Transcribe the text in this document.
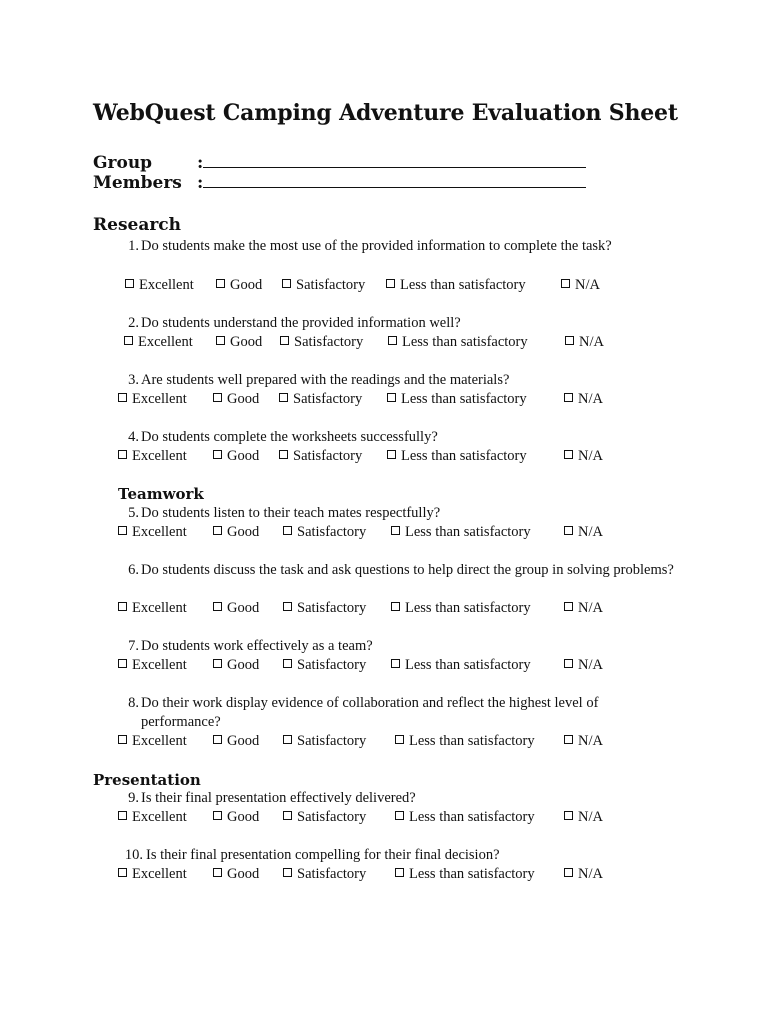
WebQuest Camping Adventure Evaluation Sheet
Group	:
Members :
Research
1. Do students make the most use of the provided information to complete the task?
Excellent	Good	Satisfactory	Less than satisfactory	N/A
2. Do students understand the provided information well?
Excellent	Good	Satisfactory	Less than satisfactory	N/A
3. Are students well prepared with the readings and the materials?
Excellent	Good	Satisfactory	Less than satisfactory	N/A
4. Do students complete the worksheets successfully?
Excellent	Good	Satisfactory	Less than satisfactory	N/A
Teamwork
5. Do students listen to their teach mates respectfully?
Excellent	Good	Satisfactory	Less than satisfactory	N/A
6. Do students discuss the task and ask questions to help direct the group in solving problems?
Excellent	Good	Satisfactory	Less than satisfactory	N/A
7. Do students work effectively as a team?
Excellent	Good	Satisfactory	Less than satisfactory	N/A
8. Do their work display evidence of collaboration and reflect the highest level of performance?
Excellent	Good	Satisfactory	Less than satisfactory	N/A
Presentation
9. Is their final presentation effectively delivered?
Excellent	Good	Satisfactory	Less than satisfactory	N/A
10. Is their final presentation compelling for their final decision?
Excellent	Good	Satisfactory	Less than satisfactory	N/A
